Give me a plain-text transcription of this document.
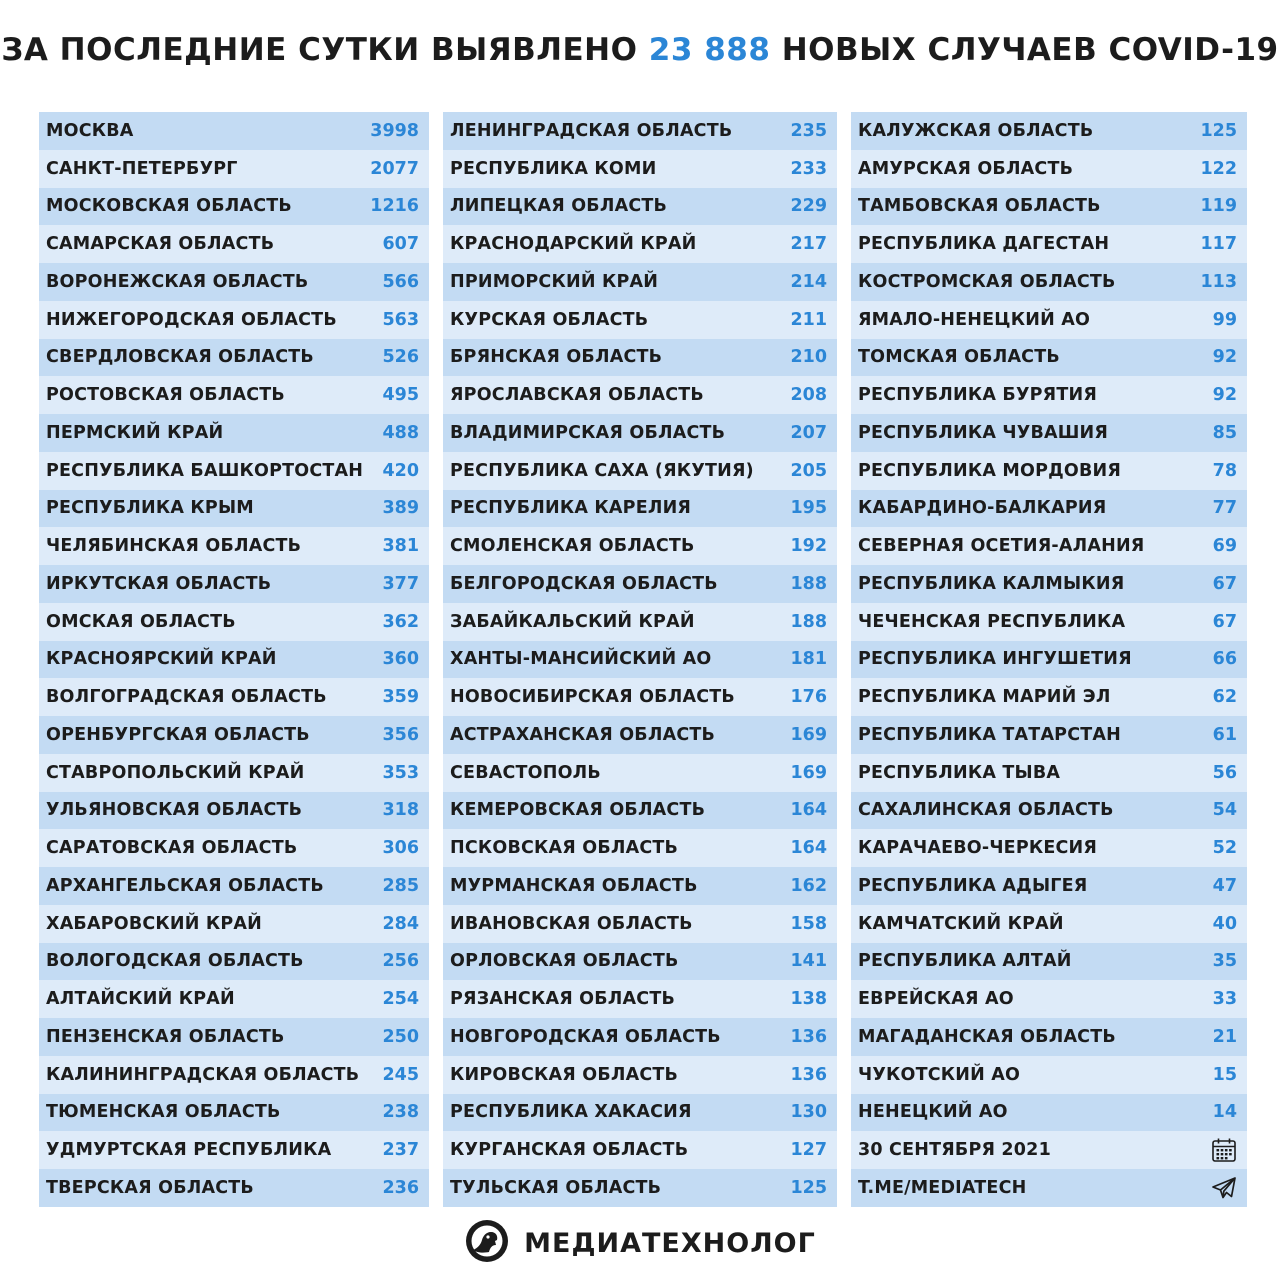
ЗА ПОСЛЕДНИЕ СУТКИ ВЫЯВЛЕНО 23 888 НОВЫХ СЛУЧАЕВ COVID-19
МОСКВА	3998
САНКТ-ПЕТЕРБУРГ	2077
МОСКОВСКАЯ ОБЛАСТЬ	1216
САМАРСКАЯ ОБЛАСТЬ	607
ВОРОНЕЖСКАЯ ОБЛАСТЬ	566
НИЖЕГОРОДСКАЯ ОБЛАСТЬ	563
СВЕРДЛОВСКАЯ ОБЛАСТЬ	526
РОСТОВСКАЯ ОБЛАСТЬ	495
ПЕРМСКИЙ КРАЙ	488
РЕСПУБЛИКА БАШКОРТОСТАН 420
РЕСПУБЛИКА КРЫМ	389
ЧЕЛЯБИНСКАЯ ОБЛАСТЬ	381
ИРКУТСКАЯ ОБЛАСТЬ	377
ОМСКАЯ ОБЛАСТЬ	362
КРАСНОЯРСКИЙ КРАЙ	360
ВОЛГОГРАДСКАЯ ОБЛАСТЬ	359
ОРЕНБУРГСКАЯ ОБЛАСТЬ	356
СТАВРОПОЛЬСКИЙ КРАЙ	353
УЛЬЯНОВСКАЯ ОБЛАСТЬ	318
САРАТОВСКАЯ ОБЛАСТЬ	306
АРХАНГЕЛЬСКАЯ ОБЛАСТЬ	285
ХАБАРОВСКИЙ КРАЙ	284
ВОЛОГОДСКАЯ ОБЛАСТЬ	256
АЛТАЙСКИЙ КРАЙ	254
ПЕНЗЕНСКАЯ ОБЛАСТЬ	250
КАЛИНИНГРАДСКАЯ ОБЛАСТЬ 245
ТЮМЕНСКАЯ ОБЛАСТЬ	238
УДМУРТСКАЯ РЕСПУБЛИКА	237
ТВЕРСКАЯ ОБЛАСТЬ	236
ЛЕНИНГРАДСКАЯ ОБЛАСТЬ	235
РЕСПУБЛИКА КОМИ	233
ЛИПЕЦКАЯ ОБЛАСТЬ	229
КРАСНОДАРСКИЙ КРАЙ	217
ПРИМОРСКИЙ КРАЙ	214
КУРСКАЯ ОБЛАСТЬ	211
БРЯНСКАЯ ОБЛАСТЬ	210
ЯРОСЛАВСКАЯ ОБЛАСТЬ	208
ВЛАДИМИРСКАЯ ОБЛАСТЬ	207
РЕСПУБЛИКА САХА (ЯКУТИЯ) 205
РЕСПУБЛИКА КАРЕЛИЯ	195
СМОЛЕНСКАЯ ОБЛАСТЬ	192
БЕЛГОРОДСКАЯ ОБЛАСТЬ	188
ЗАБАЙКАЛЬСКИЙ КРАЙ	188
ХАНТЫ-МАНСИЙСКИЙ АО	181
НОВОСИБИРСКАЯ ОБЛАСТЬ	176
АСТРАХАНСКАЯ ОБЛАСТЬ	169
СЕВАСТОПОЛЬ	169
КЕМЕРОВСКАЯ ОБЛАСТЬ	164
ПСКОВСКАЯ ОБЛАСТЬ	164
МУРМАНСКАЯ ОБЛАСТЬ	162
ИВАНОВСКАЯ ОБЛАСТЬ	158
ОРЛОВСКАЯ ОБЛАСТЬ	141
РЯЗАНСКАЯ ОБЛАСТЬ	138
НОВГОРОДСКАЯ ОБЛАСТЬ	136
КИРОВСКАЯ ОБЛАСТЬ	136
РЕСПУБЛИКА ХАКАСИЯ	130
КУРГАНСКАЯ ОБЛАСТЬ	127
ТУЛЬСКАЯ ОБЛАСТЬ	125
КАЛУЖСКАЯ ОБЛАСТЬ	125
АМУРСКАЯ ОБЛАСТЬ	122
ТАМБОВСКАЯ ОБЛАСТЬ	119
РЕСПУБЛИКА ДАГЕСТАН	117
КОСТРОМСКАЯ ОБЛАСТЬ	113
ЯМАЛО-НЕНЕЦКИЙ АО	99
ТОМСКАЯ ОБЛАСТЬ	92
РЕСПУБЛИКА БУРЯТИЯ	92
РЕСПУБЛИКА ЧУВАШИЯ	85
РЕСПУБЛИКА МОРДОВИЯ	78
КАБАРДИНО-БАЛКАРИЯ	77
СЕВЕРНАЯ ОСЕТИЯ-АЛАНИЯ	69
РЕСПУБЛИКА КАЛМЫКИЯ	67
ЧЕЧЕНСКАЯ РЕСПУБЛИКА	67
РЕСПУБЛИКА ИНГУШЕТИЯ	66
РЕСПУБЛИКА МАРИЙ ЭЛ	62
РЕСПУБЛИКА ТАТАРСТАН	61
РЕСПУБЛИКА ТЫВА	56
САХАЛИНСКАЯ ОБЛАСТЬ	54
КАРАЧАЕВО-ЧЕРКЕСИЯ	52
РЕСПУБЛИКА АДЫГЕЯ	47
КАМЧАТСКИЙ КРАЙ	40
РЕСПУБЛИКА АЛТАЙ	35
ЕВРЕЙСКАЯ АО	33
МАГАДАНСКАЯ ОБЛАСТЬ	21
ЧУКОТСКИЙ АО	15
НЕНЕЦКИЙ АО	14
30 СЕНТЯБРЯ 2021
T.ME/MEDIATECH
МЕДИАТЕХНОЛОГ
